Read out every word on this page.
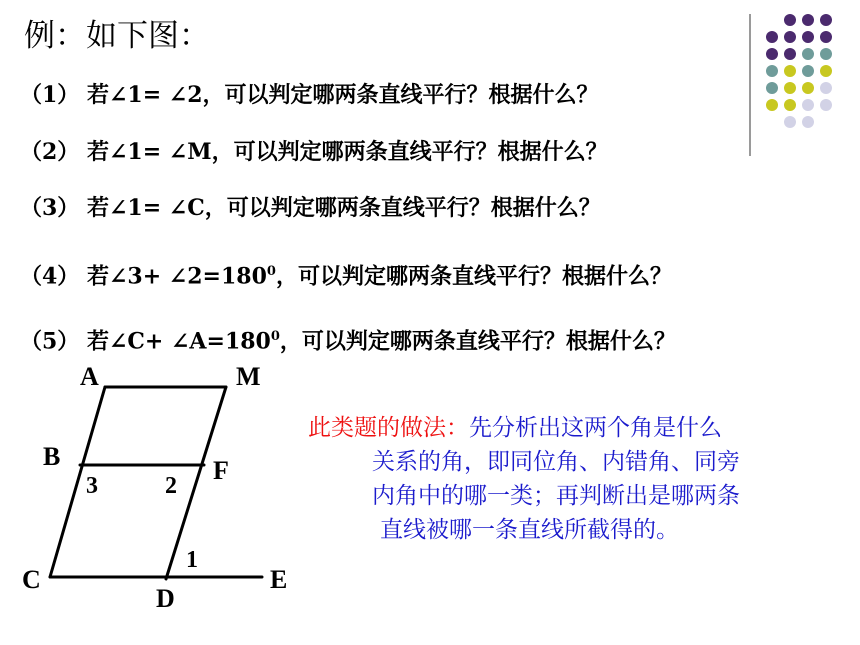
例：如下图：
（1） 若∠1= ∠2，可以判定哪两条直线平行？根据什么？
（2） 若∠1= ∠M，可以判定哪两条直线平行？根据什么？
（3） 若∠1= ∠C，可以判定哪两条直线平行？根据什么？
（4） 若∠3+ $\angle 2=180^0$，可以判定哪两条直线平行？根据什么？
（5） 若∠C+ $\angle A=180^0$，可以判定哪两条直线平行？根据什么？
A	M
B	F
C
D
E
3	2
1
此类题的做法：先分析出这两个角是什么
关系的角，即同位角、内错角、同旁
内角中的哪一类；再判断出是哪两条
直线被哪一条直线所截得的。
